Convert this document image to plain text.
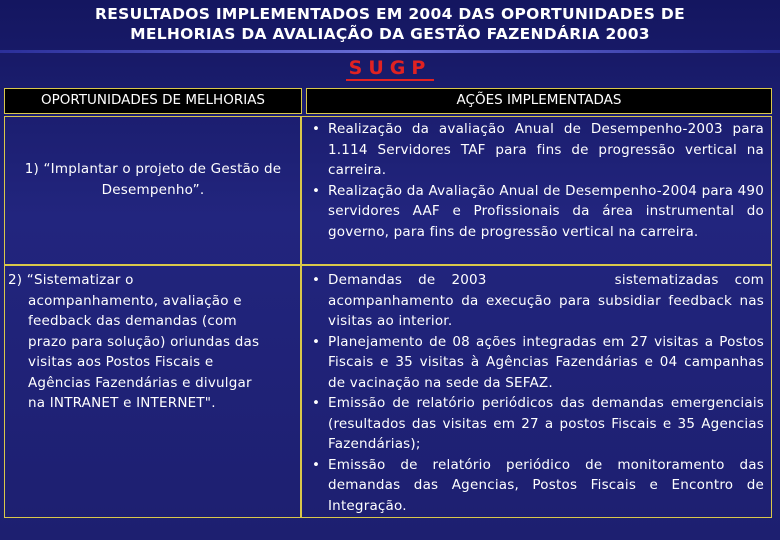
RESULTADOS IMPLEMENTADOS EM 2004 DAS OPORTUNIDADES DE
MELHORIAS DA AVALIAÇÃO DA GESTÃO FAZENDÁRIA 2003
SUGP
OPORTUNIDADES DE MELHORIAS	AÇÕES IMPLEMENTADAS
1) “Implantar o projeto de Gestão de Desempenho”.
• Realização da avaliação Anual de Desempenho-2003 para 1.114 Servidores TAF para fins de progressão vertical na carreira.
• Realização da Avaliação Anual de Desempenho-2004 para 490 servidores AAF e Profissionais da área instrumental do governo, para fins de progressão vertical na carreira.
2) “Sistematizar o
acompanhamento, avaliação e
feedback das demandas (com
prazo para solução) oriundas das
visitas aos Postos Fiscais e
Agências Fazendárias e divulgar
na INTRANET e INTERNET".
• Demandas de 2003        sistematizadas com acompanhamento da execução para subsidiar feedback nas visitas ao interior.
• Planejamento de 08 ações integradas em 27 visitas a Postos Fiscais e 35 visitas à Agências Fazendárias e 04 campanhas de vacinação na sede da SEFAZ.
• Emissão de relatório periódicos das demandas emergenciais (resultados das visitas em 27 a postos Fiscais e 35 Agencias Fazendárias);
• Emissão de relatório periódico de monitoramento das demandas das Agencias, Postos Fiscais e Encontro de Integração.
